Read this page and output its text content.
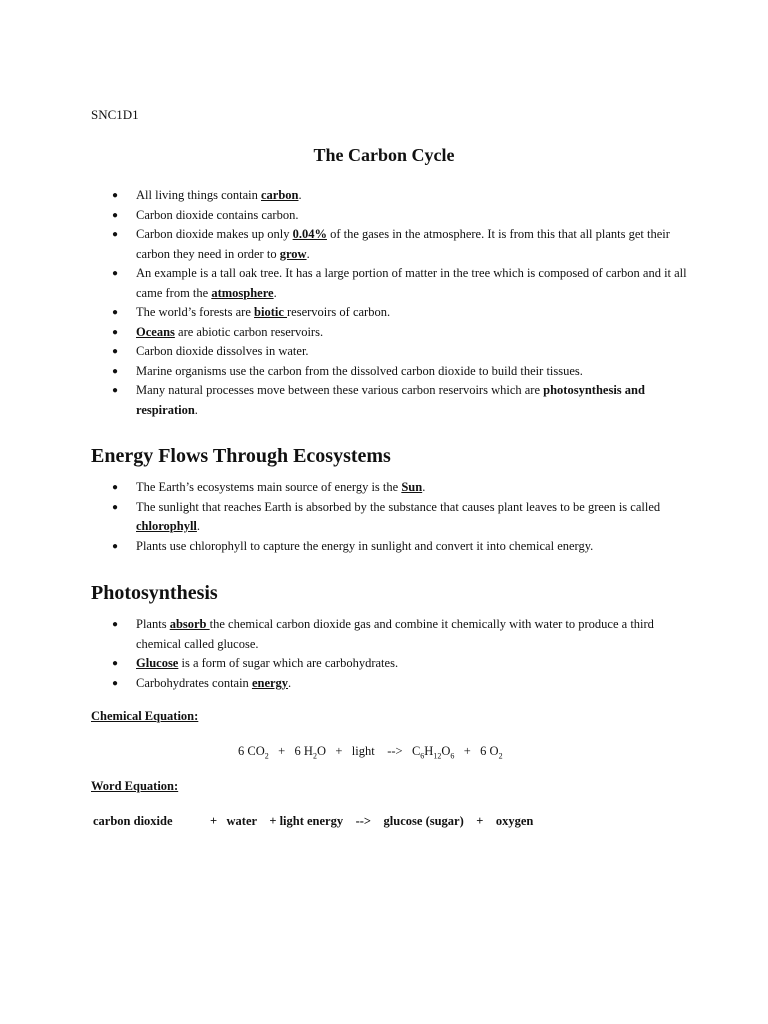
SNC1D1
The Carbon Cycle
● All living things contain carbon.
● Carbon dioxide contains carbon.
● Carbon dioxide makes up only 0.04% of the gases in the atmosphere. It is from this that all plants get their carbon they need in order to grow.
● An example is a tall oak tree. It has a large portion of matter in the tree which is composed of carbon and it all came from the atmosphere.
● The world’s forests are biotic reservoirs of carbon.
● Oceans are abiotic carbon reservoirs.
● Carbon dioxide dissolves in water.
● Marine organisms use the carbon from the dissolved carbon dioxide to build their tissues.
● Many natural processes move between these various carbon reservoirs which are photosynthesis and respiration.
Energy Flows Through Ecosystems
● The Earth’s ecosystems main source of energy is the Sun.
● The sunlight that reaches Earth is absorbed by the substance that causes plant leaves to be green is called chlorophyll.
● Plants use chlorophyll to capture the energy in sunlight and convert it into chemical energy.
Photosynthesis
● Plants absorb the chemical carbon dioxide gas and combine it chemically with water to produce a third chemical called glucose.
● Glucose is a form of sugar which are carbohydrates.
● Carbohydrates contain energy.
Chemical Equation:
6 $CO_2 + 6$ $H_2O$   +   light    -->   $C_6H_{12}O_6 + 6$ $O_2$
Word Equation:
carbon dioxide            +   water    + light energy    -->    glucose (sugar)    +    oxygen
